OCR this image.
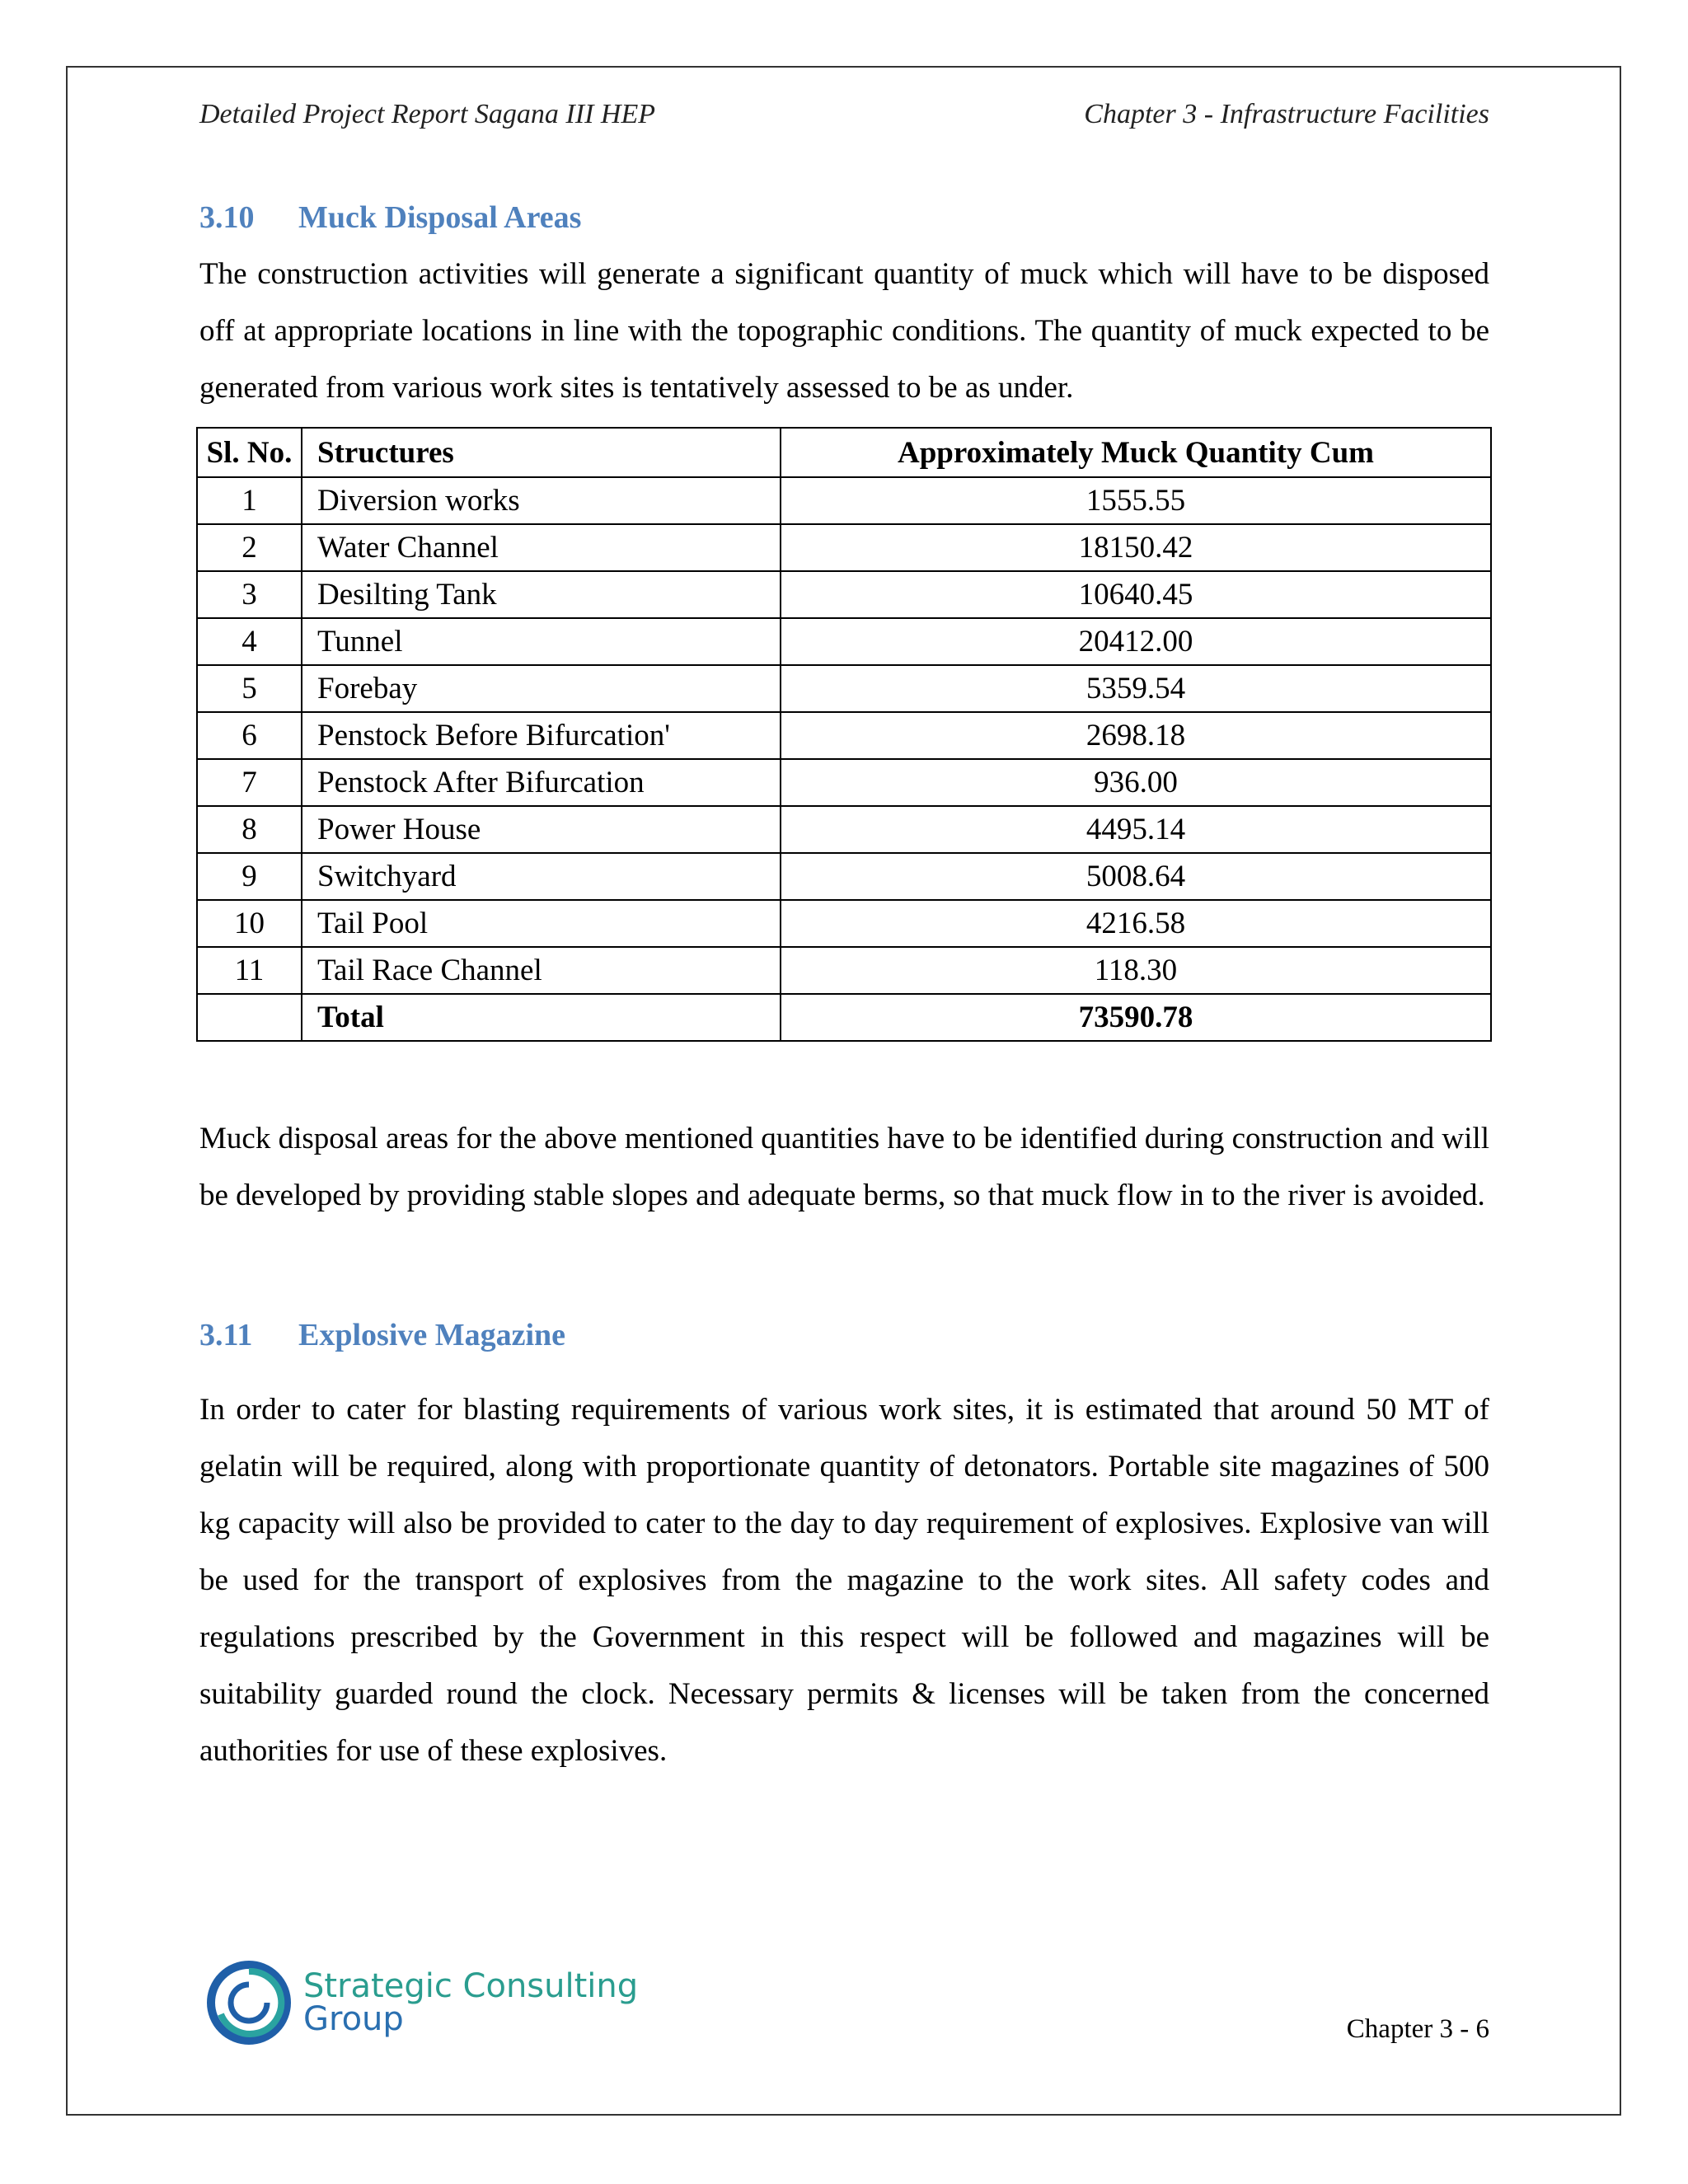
Detailed Project Report Sagana III HEP	Chapter 3 - Infrastructure Facilities
3.10 Muck Disposal Areas
The construction activities will generate a significant quantity of muck which will have to be disposed off at appropriate locations in line with the topographic conditions. The quantity of muck expected to be generated from various work sites is tentatively assessed to be as under.
Sl. No.	Structures	Approximately Muck Quantity Cum
1	Diversion works	1555.55
2	Water Channel	18150.42
3	Desilting Tank	10640.45
4	Tunnel	20412.00
5	Forebay	5359.54
6	Penstock Before Bifurcation'	2698.18
7	Penstock After Bifurcation	936.00
8	Power House	4495.14
9	Switchyard	5008.64
10	Tail Pool	4216.58
11	Tail Race Channel	118.30
	Total	73590.78
Muck disposal areas for the above mentioned quantities have to be identified during construction and will be developed by providing stable slopes and adequate berms, so that muck flow in to the river is avoided.
3.11 Explosive Magazine
In order to cater for blasting requirements of various work sites, it is estimated that around 50 MT of gelatin will be required, along with proportionate quantity of detonators. Portable site magazines of 500 kg capacity will also be provided to cater to the day to day requirement of explosives. Explosive van will be used for the transport of explosives from the magazine to the work sites. All safety codes and regulations prescribed by the Government in this respect will be followed and magazines will be suitability guarded round the clock. Necessary permits & licenses will be taken from the concerned authorities for use of these explosives.
Strategic Consulting
Group	Chapter 3 - 6
